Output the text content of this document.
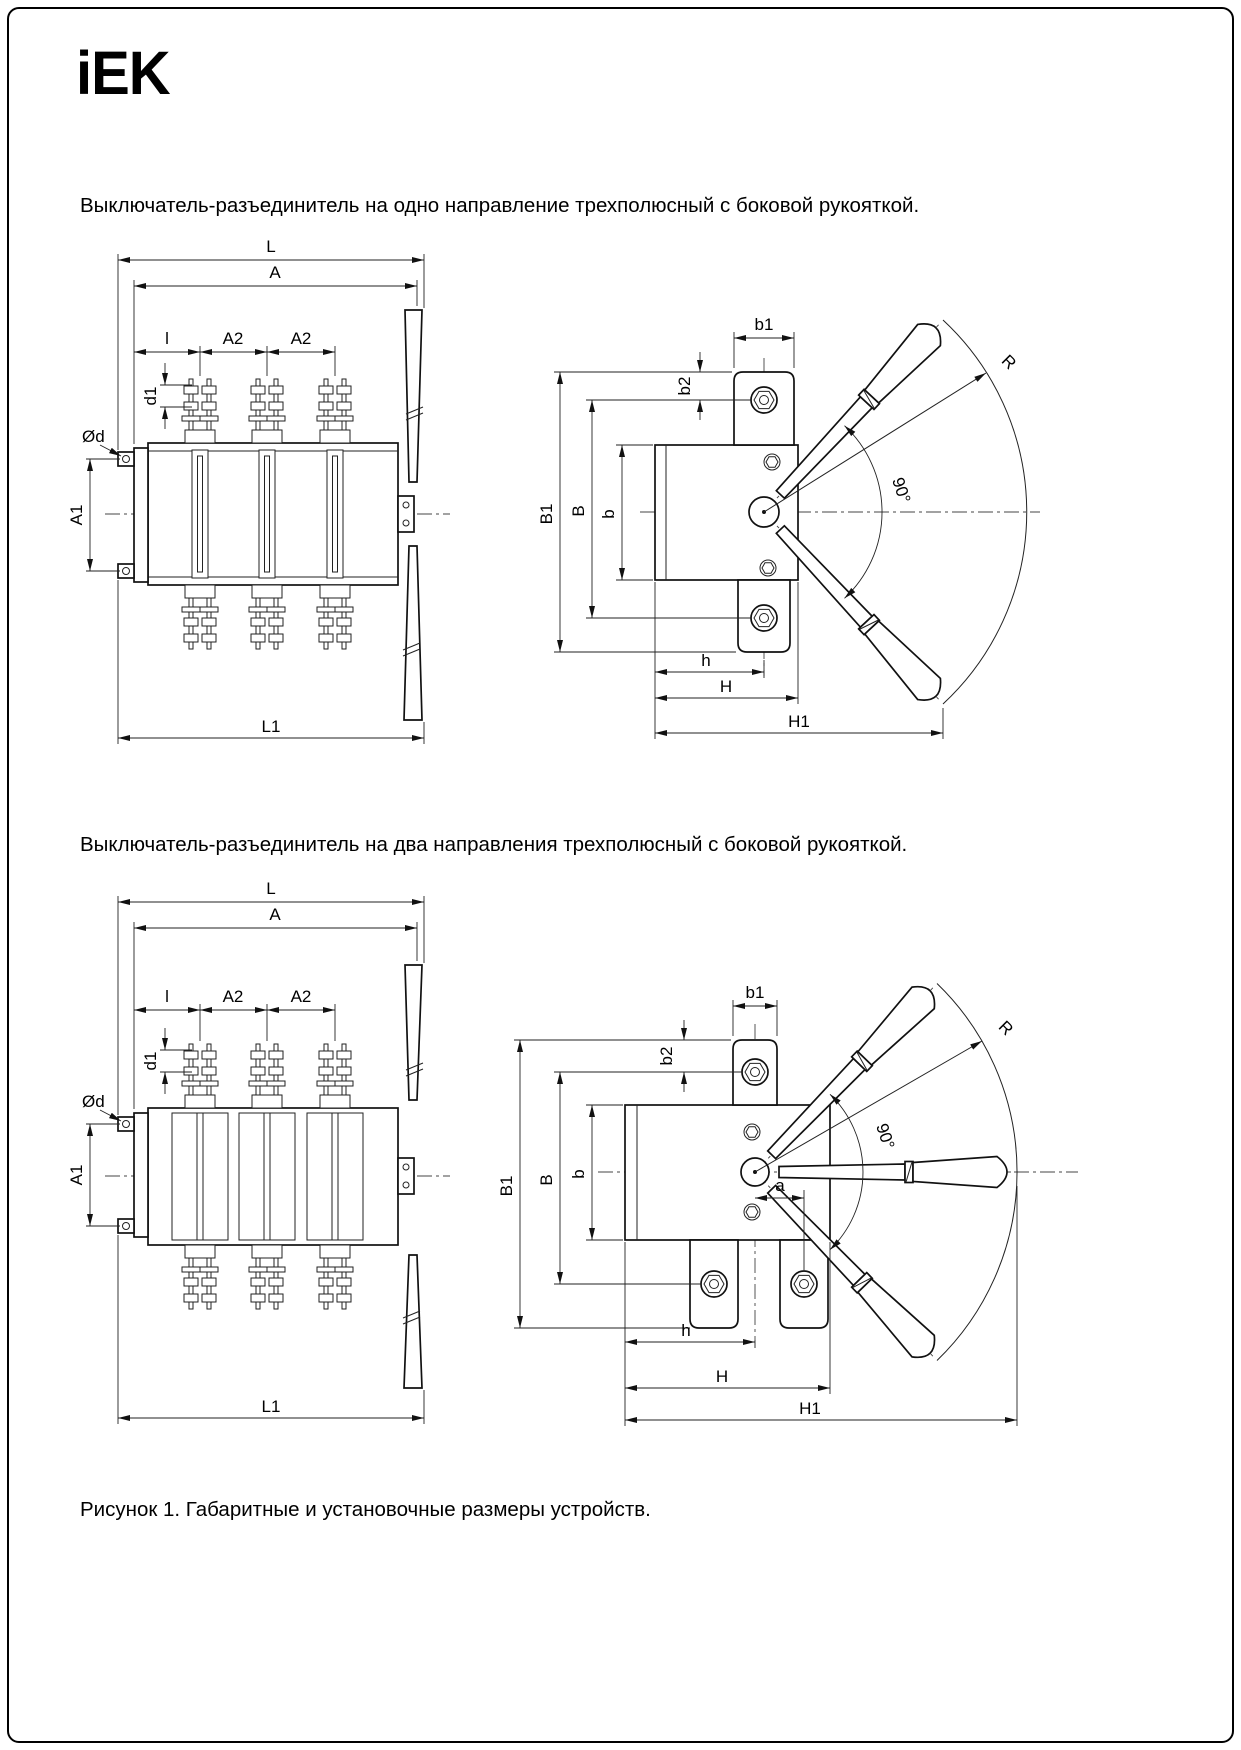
iEK
Выключатель-разъединитель на одно направление трехполюсный с боковой рукояткой.
Выключатель-разъединитель на два направления трехполюсный с боковой рукояткой.
Рисунок 1. Габаритные и установочные размеры устройств.
L
A
l	A2	A2
d1
Ød
A1
L1
R
90°
b1
b2
B1 B b
h
H
H1
L
A
l	A2	A2
d1
Ød
A1
L1
R
90°
a
b1
b2
B1 B
b
h
H
H1
